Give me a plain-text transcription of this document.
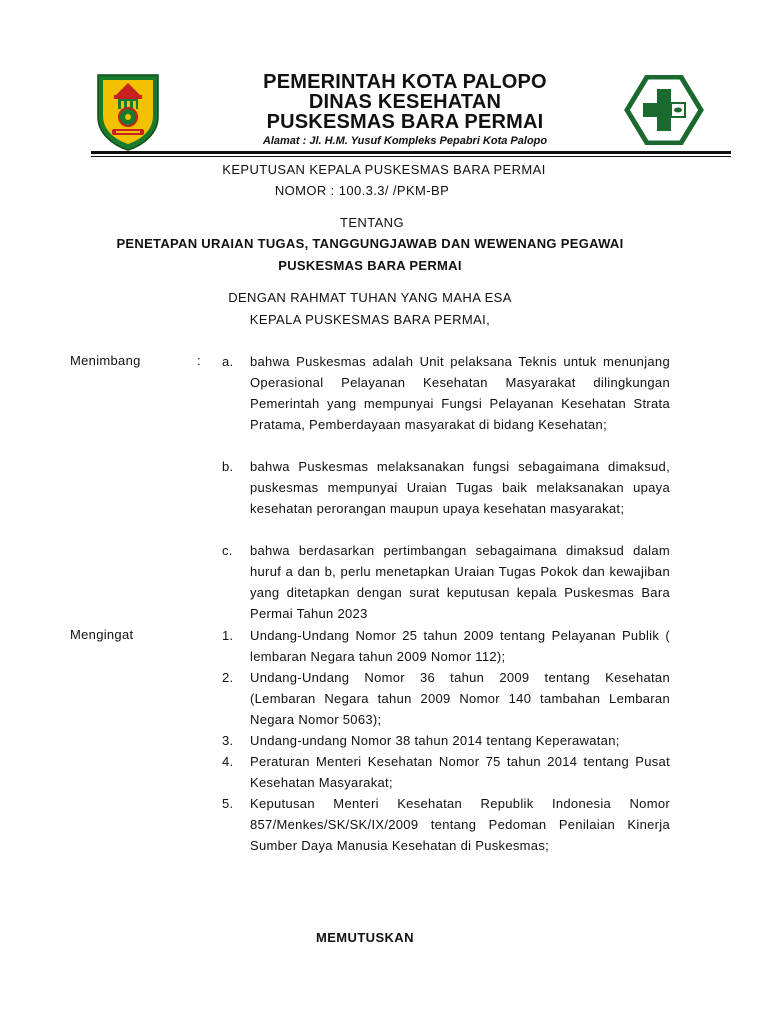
PEMERINTAH KOTA PALOPO
DINAS KESEHATAN
PUSKESMAS BARA PERMAI
Alamat : Jl. H.M. Yusuf Kompleks Pepabri Kota Palopo
KEPUTUSAN KEPALA PUSKESMAS BARA PERMAI
NOMOR : 100.3.3/ /PKM-BP
TENTANG
PENETAPAN URAIAN TUGAS, TANGGUNGJAWAB DAN WEWENANG PEGAWAI
PUSKESMAS BARA PERMAI
DENGAN RAHMAT TUHAN YANG MAHA ESA
KEPALA PUSKESMAS BARA PERMAI,
Menimbang	: a.	bahwa Puskesmas adalah Unit pelaksana Teknis untuk menunjang Operasional Pelayanan Kesehatan Masyarakat dilingkungan Pemerintah yang mempunyai Fungsi Pelayanan Kesehatan Strata Pratama, Pemberdayaan masyarakat di bidang Kesehatan;
b.	bahwa Puskesmas melaksanakan fungsi sebagaimana dimaksud, puskesmas mempunyai Uraian Tugas baik melaksanakan upaya kesehatan perorangan maupun upaya kesehatan masyarakat;
c.	bahwa berdasarkan pertimbangan sebagaimana dimaksud dalam huruf a dan b, perlu menetapkan Uraian Tugas Pokok dan kewajiban yang ditetapkan dengan surat keputusan kepala Puskesmas Bara Permai Tahun 2023
Mengingat	1.	Undang-Undang Nomor 25 tahun 2009 tentang Pelayanan Publik ( lembaran Negara tahun 2009 Nomor 112);
2.	Undang-Undang Nomor 36 tahun 2009 tentang Kesehatan (Lembaran Negara tahun 2009 Nomor 140 tambahan Lembaran Negara Nomor 5063);
3.	Undang-undang Nomor 38 tahun 2014 tentang Keperawatan;
4.	Peraturan Menteri Kesehatan Nomor 75 tahun 2014 tentang Pusat Kesehatan Masyarakat;
5.	Keputusan Menteri Kesehatan Republik Indonesia Nomor 857/Menkes/SK/SK/IX/2009 tentang Pedoman Penilaian Kinerja Sumber Daya Manusia Kesehatan di Puskesmas;
MEMUTUSKAN
